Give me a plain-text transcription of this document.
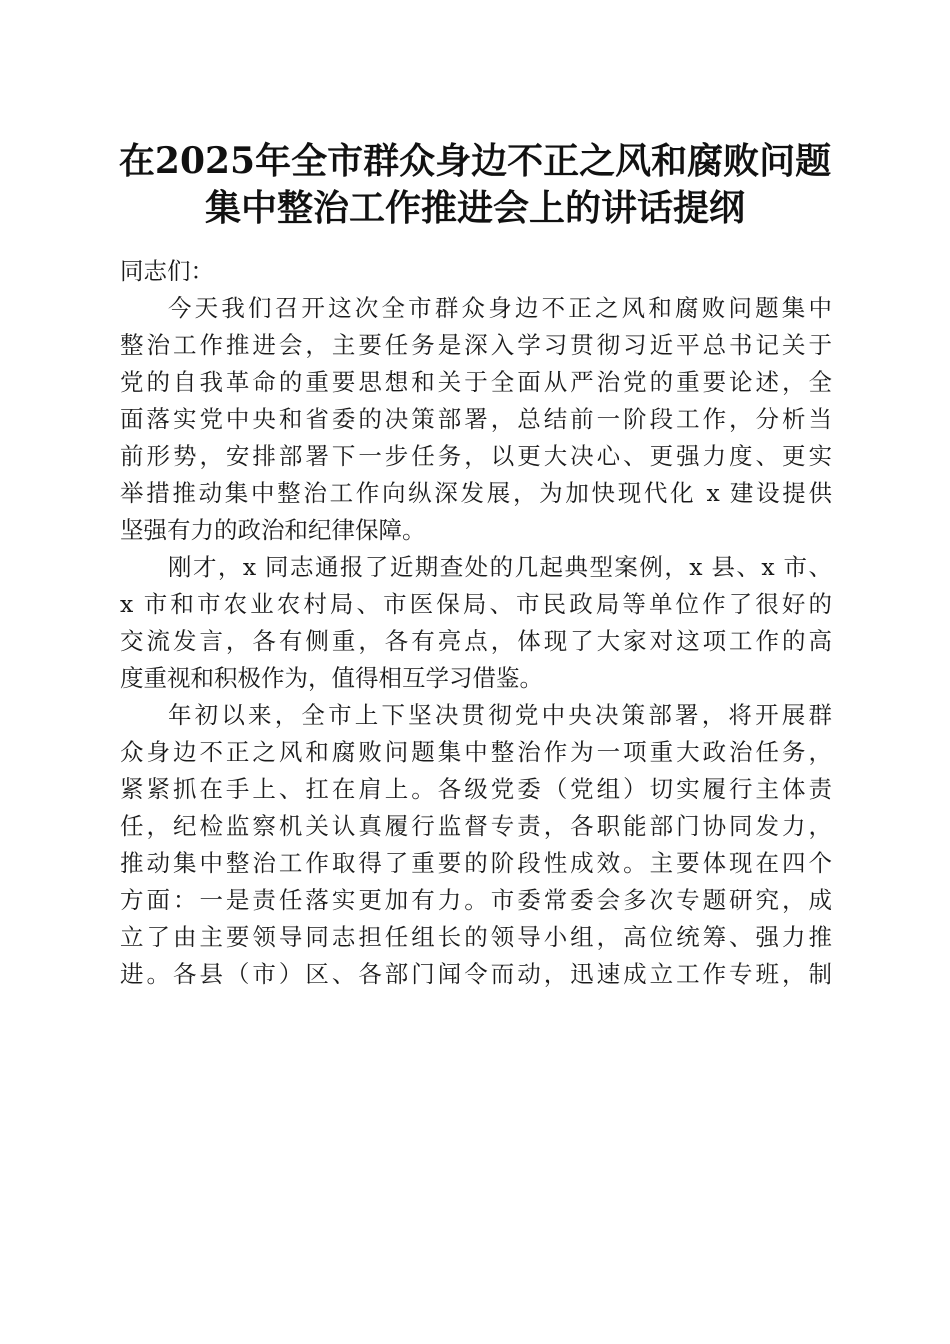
在2025年全市群众身边不正之风和腐败问题
集中整治工作推进会上的讲话提纲
同志们：
今天我们召开这次全市群众身边不正之风和腐败问题集中
整治工作推进会，主要任务是深入学习贯彻习近平总书记关于
党的自我革命的重要思想和关于全面从严治党的重要论述，全
面落实党中央和省委的决策部署，总结前一阶段工作，分析当
前形势，安排部署下一步任务，以更大决心、更强力度、更实
举措推动集中整治工作向纵深发展，为加快现代化 x 建设提供
坚强有力的政治和纪律保障。
刚才，x 同志通报了近期查处的几起典型案例，x 县、x 市、
x 市和市农业农村局、市医保局、市民政局等单位作了很好的
交流发言，各有侧重，各有亮点，体现了大家对这项工作的高
度重视和积极作为，值得相互学习借鉴。
年初以来，全市上下坚决贯彻党中央决策部署，将开展群
众身边不正之风和腐败问题集中整治作为一项重大政治任务，
紧紧抓在手上、扛在肩上。各级党委（党组）切实履行主体责
任，纪检监察机关认真履行监督专责，各职能部门协同发力，
推动集中整治工作取得了重要的阶段性成效。主要体现在四个
方面：一是责任落实更加有力。市委常委会多次专题研究，成
立了由主要领导同志担任组长的领导小组，高位统筹、强力推
进。各县（市）区、各部门闻令而动，迅速成立工作专班，制
